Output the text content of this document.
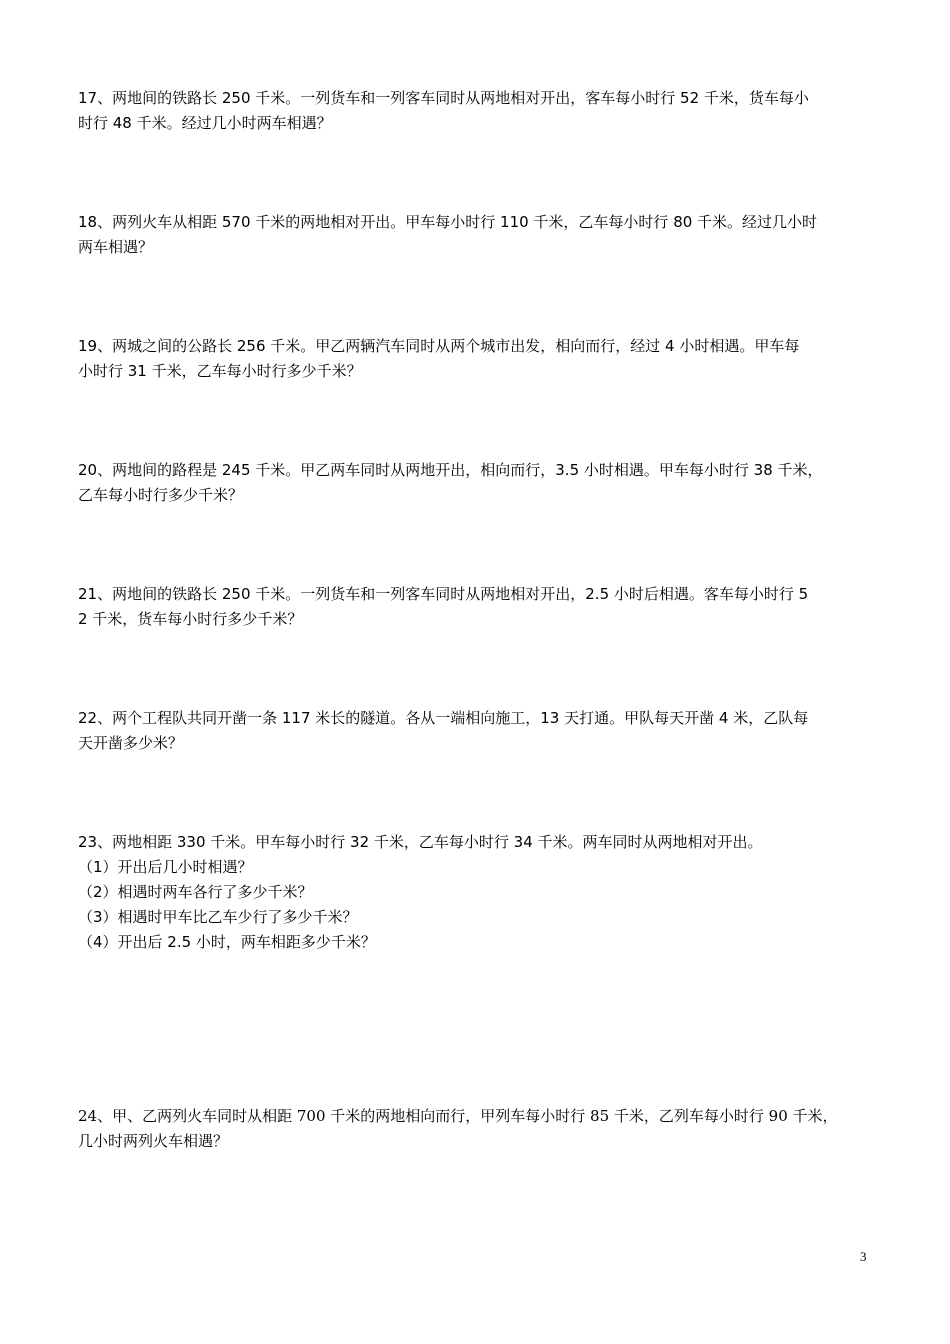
17、两地间的铁路长 250 千米。一列货车和一列客车同时从两地相对开出，客车每小时行 52 千米，货车每小
时行 48 千米。经过几小时两车相遇？
18、两列火车从相距 570 千米的两地相对开出。甲车每小时行 110 千米，乙车每小时行 80 千米。经过几小时
两车相遇？
19、两城之间的公路长 256 千米。甲乙两辆汽车同时从两个城市出发，相向而行，经过 4 小时相遇。甲车每
小时行 31 千米，乙车每小时行多少千米？
20、两地间的路程是 245 千米。甲乙两车同时从两地开出，相向而行，3.5 小时相遇。甲车每小时行 38 千米，
乙车每小时行多少千米？
21、两地间的铁路长 250 千米。一列货车和一列客车同时从两地相对开出，2.5 小时后相遇。客车每小时行 5
2 千米，货车每小时行多少千米？
22、两个工程队共同开凿一条 117 米长的隧道。各从一端相向施工，13 天打通。甲队每天开凿 4 米，乙队每
天开凿多少米？
23、两地相距 330 千米。甲车每小时行 32 千米，乙车每小时行 34 千米。两车同时从两地相对开出。
（1）开出后几小时相遇？
（2）相遇时两车各行了多少千米？
（3）相遇时甲车比乙车少行了多少千米？
（4）开出后 2.5 小时，两车相距多少千米？
24、甲、乙两列火车同时从相距 700 千米的两地相向而行，甲列车每小时行 85 千米，乙列车每小时行 90 千米，
几小时两列火车相遇？
3
